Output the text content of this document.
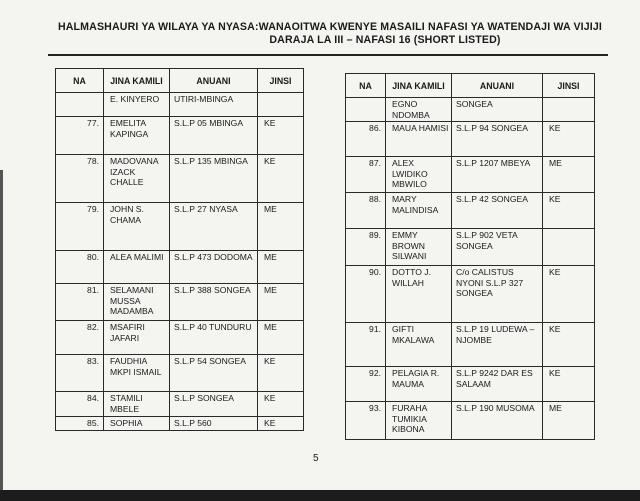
HALMASHAURI YA WILAYA YA NYASA:WANAOITWA KWENYE MASAILI NAFASI YA WATENDAJI WA VIJIJI
DARAJA LA III – NAFASI 16 (SHORT LISTED)
NA	JINA KAMILI	ANUANI	JINSI
	E. KINYERO	UTIRI-MBINGA	
77.	EMELITA KAPINGA	S.L.P 05 MBINGA	KE
78.	MADOVANA IZACK CHALLE	S.L.P 135 MBINGA	KE
79.	JOHN S. CHAMA	S.L.P 27 NYASA	ME
80.	ALEA MALIMI	S.L.P 473 DODOMA	ME
81.	SELAMANI MUSSA MADAMBA	S.L.P 388 SONGEA	ME
82.	MSAFIRI JAFARI	S.L.P 40 TUNDURU	ME
83.	FAUDHIA MKPI ISMAIL	S.L.P 54 SONGEA	KE
84.	STAMILI MBELE	S.L.P SONGEA	KE
85.	SOPHIA	S.L.P 560	KE
NA	JINA KAMILI	ANUANI	JINSI
	EGNO NDOMBA	SONGEA	
86.	MAUA HAMISI	S.L.P 94 SONGEA	KE
87.	ALEX LWIDIKO MBWILO	S.L.P 1207 MBEYA	ME
88.	MARY MALINDISA	S.L.P 42 SONGEA	KE
89.	EMMY BROWN SILWANI	S.L.P 902 VETA SONGEA	
90.	DOTTO J. WILLAH	C/o CALISTUS NYONI S.L.P 327 SONGEA	KE
91.	GIFTI MKALAWA	S.L.P 19 LUDEWA – NJOMBE	KE
92.	PELAGIA R. MAUMA	S.L.P 9242 DAR ES SALAAM	KE
93.	FURAHA TUMIKIA KIBONA	S.L.P 190 MUSOMA	ME
5
